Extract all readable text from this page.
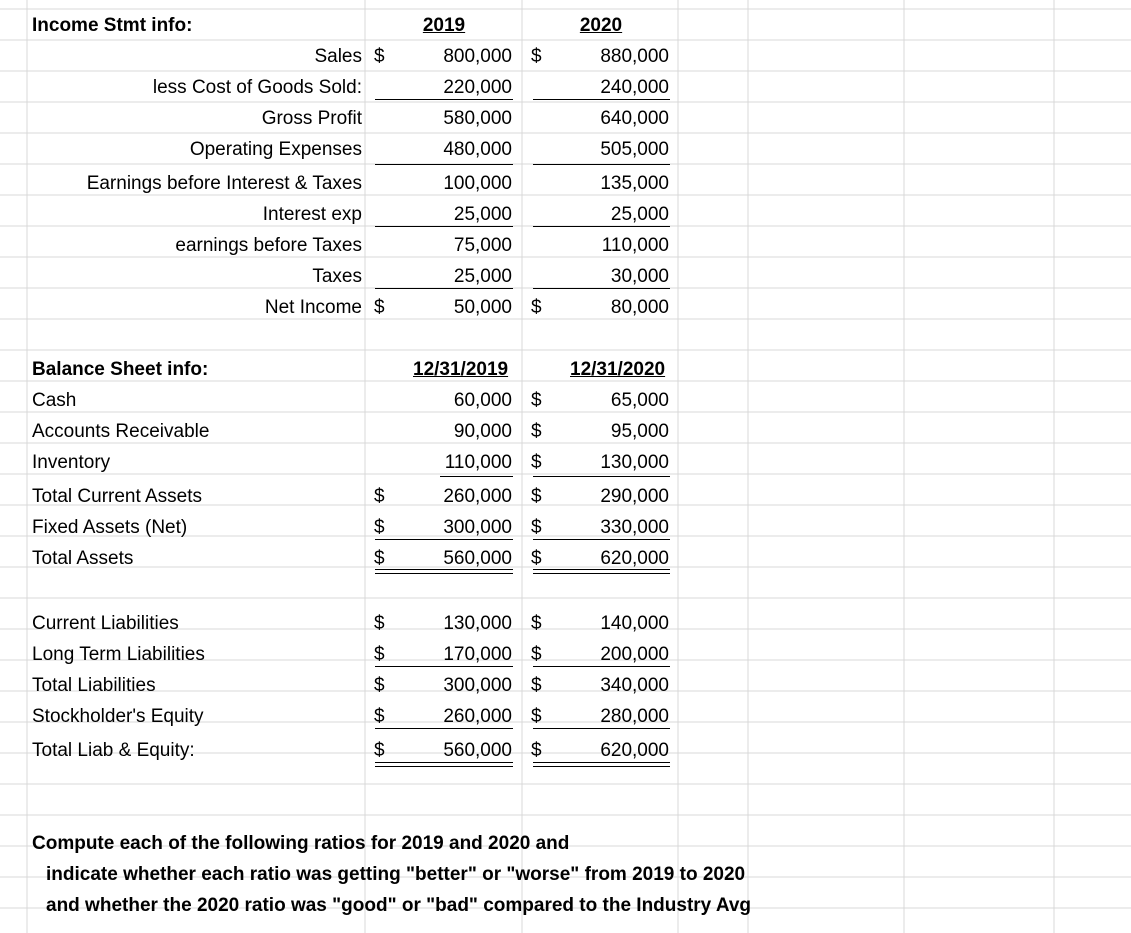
Income Stmt info:	2019	2020
Sales $	800,000 $	880,000
less Cost of Goods Sold:	220,000	240,000
Gross Profit	580,000	640,000
Operating Expenses	480,000	505,000
Earnings before Interest & Taxes	100,000	135,000
Interest exp	25,000	25,000
earnings before Taxes	75,000	110,000
Taxes	25,000	30,000
Net Income $	50,000 $	80,000
Balance Sheet info:	12/31/2019	12/31/2020
Cash	60,000 $	65,000
Accounts Receivable	90,000 $	95,000
Inventory	110,000 $	130,000
Total Current Assets	$	260,000 $	290,000
Fixed Assets (Net)	$	300,000 $	330,000
Total Assets	$	560,000 $	620,000
Current Liabilities	$	130,000 $	140,000
Long Term Liabilities	$	170,000 $	200,000
Total Liabilities	$	300,000 $	340,000
Stockholder's Equity	$	260,000 $	280,000
Total Liab & Equity:	$	560,000 $	620,000
Compute each of the following ratios for 2019 and 2020 and
indicate whether each ratio was getting "better" or "worse" from 2019 to 2020
and whether the 2020 ratio was "good" or "bad" compared to the Industry Avg
